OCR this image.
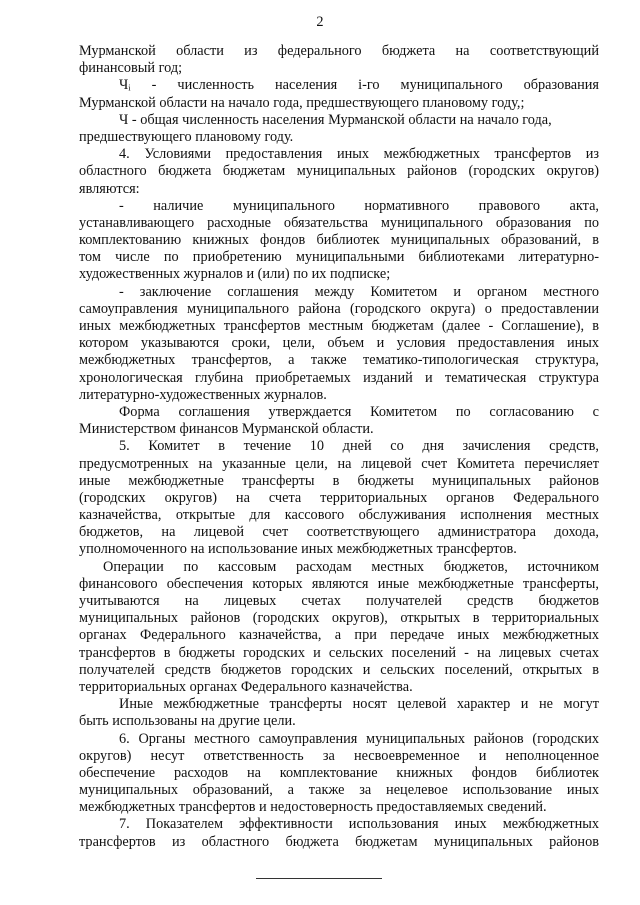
2
Мурманской области из федерального бюджета на соответствующий
финансовый год;
Чᵢ - численность населения i-го муниципального образования
Мурманской области на начало года, предшествующего плановому году,;
Ч - общая численность населения Мурманской области на начало года,
предшествующего плановому году.
4. Условиями предоставления иных межбюджетных трансфертов из
областного бюджета бюджетам муниципальных районов (городских округов)
являются:
- наличие муниципального нормативного правового акта,
устанавливающего расходные обязательства муниципального образования по
комплектованию книжных фондов библиотек муниципальных образований, в
том числе по приобретению муниципальными библиотеками литературно-
художественных журналов и (или) по их подписке;
- заключение соглашения между Комитетом и органом местного
самоуправления муниципального района (городского округа) о предоставлении
иных межбюджетных трансфертов местным бюджетам (далее - Соглашение), в
котором указываются сроки, цели, объем и условия предоставления иных
межбюджетных трансфертов, а также тематико-типологическая структура,
хронологическая глубина приобретаемых изданий и тематическая структура
литературно-художественных журналов.
Форма соглашения утверждается Комитетом по согласованию с
Министерством финансов Мурманской области.
5. Комитет в течение 10 дней со дня зачисления средств,
предусмотренных на указанные цели, на лицевой счет Комитета перечисляет
иные межбюджетные трансферты в бюджеты муниципальных районов
(городских округов) на счета территориальных органов Федерального
казначейства, открытые для кассового обслуживания исполнения местных
бюджетов, на лицевой счет соответствующего администратора дохода,
уполномоченного на использование иных межбюджетных трансфертов.
Операции по кассовым расходам местных бюджетов, источником
финансового обеспечения которых являются иные межбюджетные трансферты,
учитываются на лицевых счетах получателей средств бюджетов
муниципальных районов (городских округов), открытых в территориальных
органах Федерального казначейства, а при передаче иных межбюджетных
трансфертов в бюджеты городских и сельских поселений - на лицевых счетах
получателей средств бюджетов городских и сельских поселений, открытых в
территориальных органах Федерального казначейства.
Иные межбюджетные трансферты носят целевой характер и не могут
быть использованы на другие цели.
6. Органы местного самоуправления муниципальных районов (городских
округов) несут ответственность за несвоевременное и неполноценное
обеспечение расходов на комплектование книжных фондов библиотек
муниципальных образований, а также за нецелевое использование иных
межбюджетных трансфертов и недостоверность предоставляемых сведений.
7. Показателем эффективности использования иных межбюджетных
трансфертов из областного бюджета бюджетам муниципальных районов
